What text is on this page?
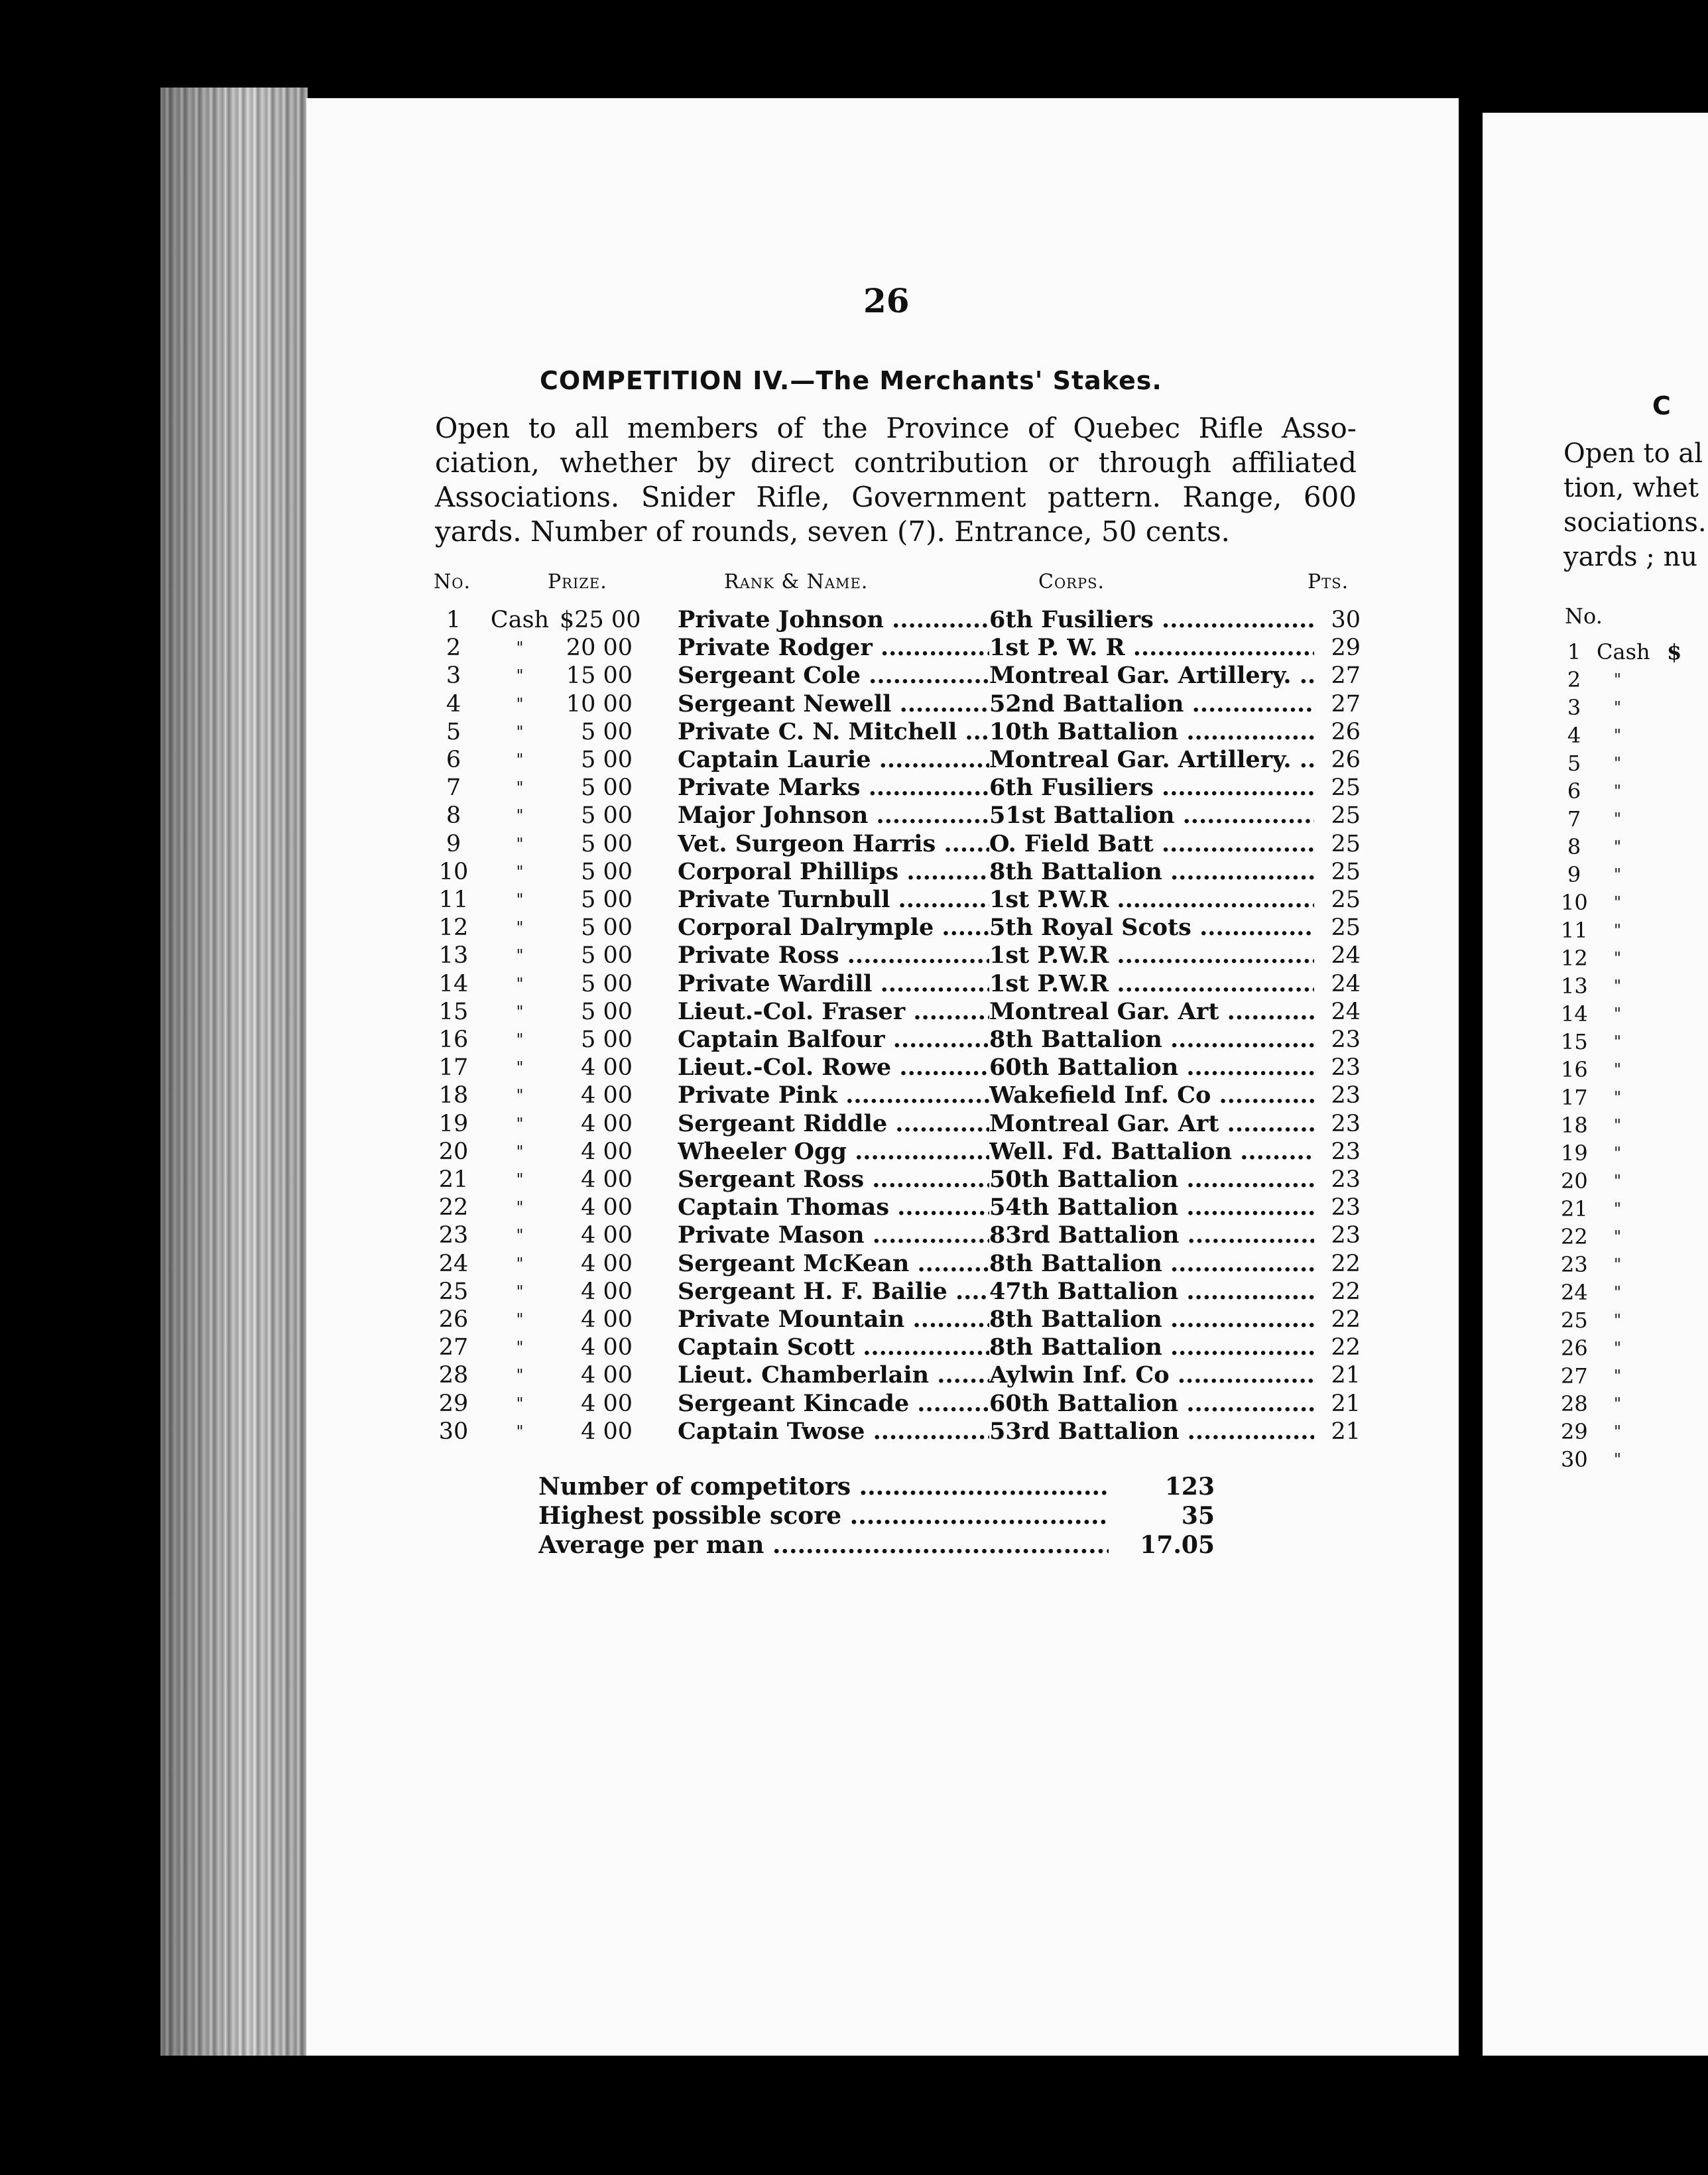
26
COMPETITION IV.—The Merchants' Stakes.
Open to all members of the Province of Quebec Rifle Asso-
ciation, whether by direct contribution or through affiliated
Associations. Snider Rifle, Government pattern. Range, 600
yards. Number of rounds, seven (7). Entrance, 50 cents.
No.	Prize.	Rank & Name.	Corps.	Pts.
1	Cash $25 00 Private Johnson .....	6th Fusiliers .....	30
2	"	20 00 Private Rodger .....	1st P. W. R .....	29
3	"	15 00 Sergeant Cole .....	Montreal Gar. Artillery. .....	27
4	"	10 00 Sergeant Newell .....	52nd Battalion .....	27
5	"	5 00 Private C. N. Mitchell .....	10th Battalion .....	26
6	"	5 00 Captain Laurie .....	Montreal Gar. Artillery. .....	26
7	"	5 00 Private Marks .....	6th Fusiliers .....	25
8	"	5 00 Major Johnson .....	51st Battalion .....	25
9	"	5 00 Vet. Surgeon Harris .....	O. Field Batt .....	25
10	"	5 00 Corporal Phillips .....	8th Battalion .....	25
11	"	5 00 Private Turnbull .....	1st P.W.R .....	25
12	"	5 00 Corporal Dalrymple .....	5th Royal Scots .....	25
13	"	5 00 Private Ross .....	1st P.W.R .....	24
14	"	5 00 Private Wardill .....	1st P.W.R .....	24
15	"	5 00 Lieut.-Col. Fraser .....	Montreal Gar. Art .....	24
16	"	5 00 Captain Balfour .....	8th Battalion .....	23
17	"	4 00 Lieut.-Col. Rowe .....	60th Battalion .....	23
18	"	4 00 Private Pink .....	Wakefield Inf. Co .....	23
19	"	4 00 Sergeant Riddle .....	Montreal Gar. Art .....	23
20	"	4 00 Wheeler Ogg .....	Well. Fd. Battalion .....	23
21	"	4 00 Sergeant Ross .....	50th Battalion .....	23
22	"	4 00 Captain Thomas .....	54th Battalion .....	23
23	"	4 00 Private Mason .....	83rd Battalion .....	23
24	"	4 00 Sergeant McKean .....	8th Battalion .....	22
25	"	4 00 Sergeant H. F. Bailie .....	47th Battalion .....	22
26	"	4 00 Private Mountain .....	8th Battalion .....	22
27	"	4 00 Captain Scott .....	8th Battalion .....	22
28	"	4 00 Lieut. Chamberlain .....	Aylwin Inf. Co .....	21
29	"	4 00 Sergeant Kincade .....	60th Battalion .....	21
30	"	4 00 Captain Twose .....	53rd Battalion .....	21
Number of competitors .....	123
Highest possible score .....	35
Average per man .....	17.05
C
Open to al
tion, whet
sociations.
yards ; nu
No.
1 Cash $
2	"
3	"
4	"
5	"
6	"
7	"
8	"
9	"
10 "
11 "
12 "
13 "
14 "
15 "
16 "
17 "
18 "
19 "
20 "
21 "
22 "
23 "
24 "
25 "
26 "
27 "
28 "
29 "
30 "
